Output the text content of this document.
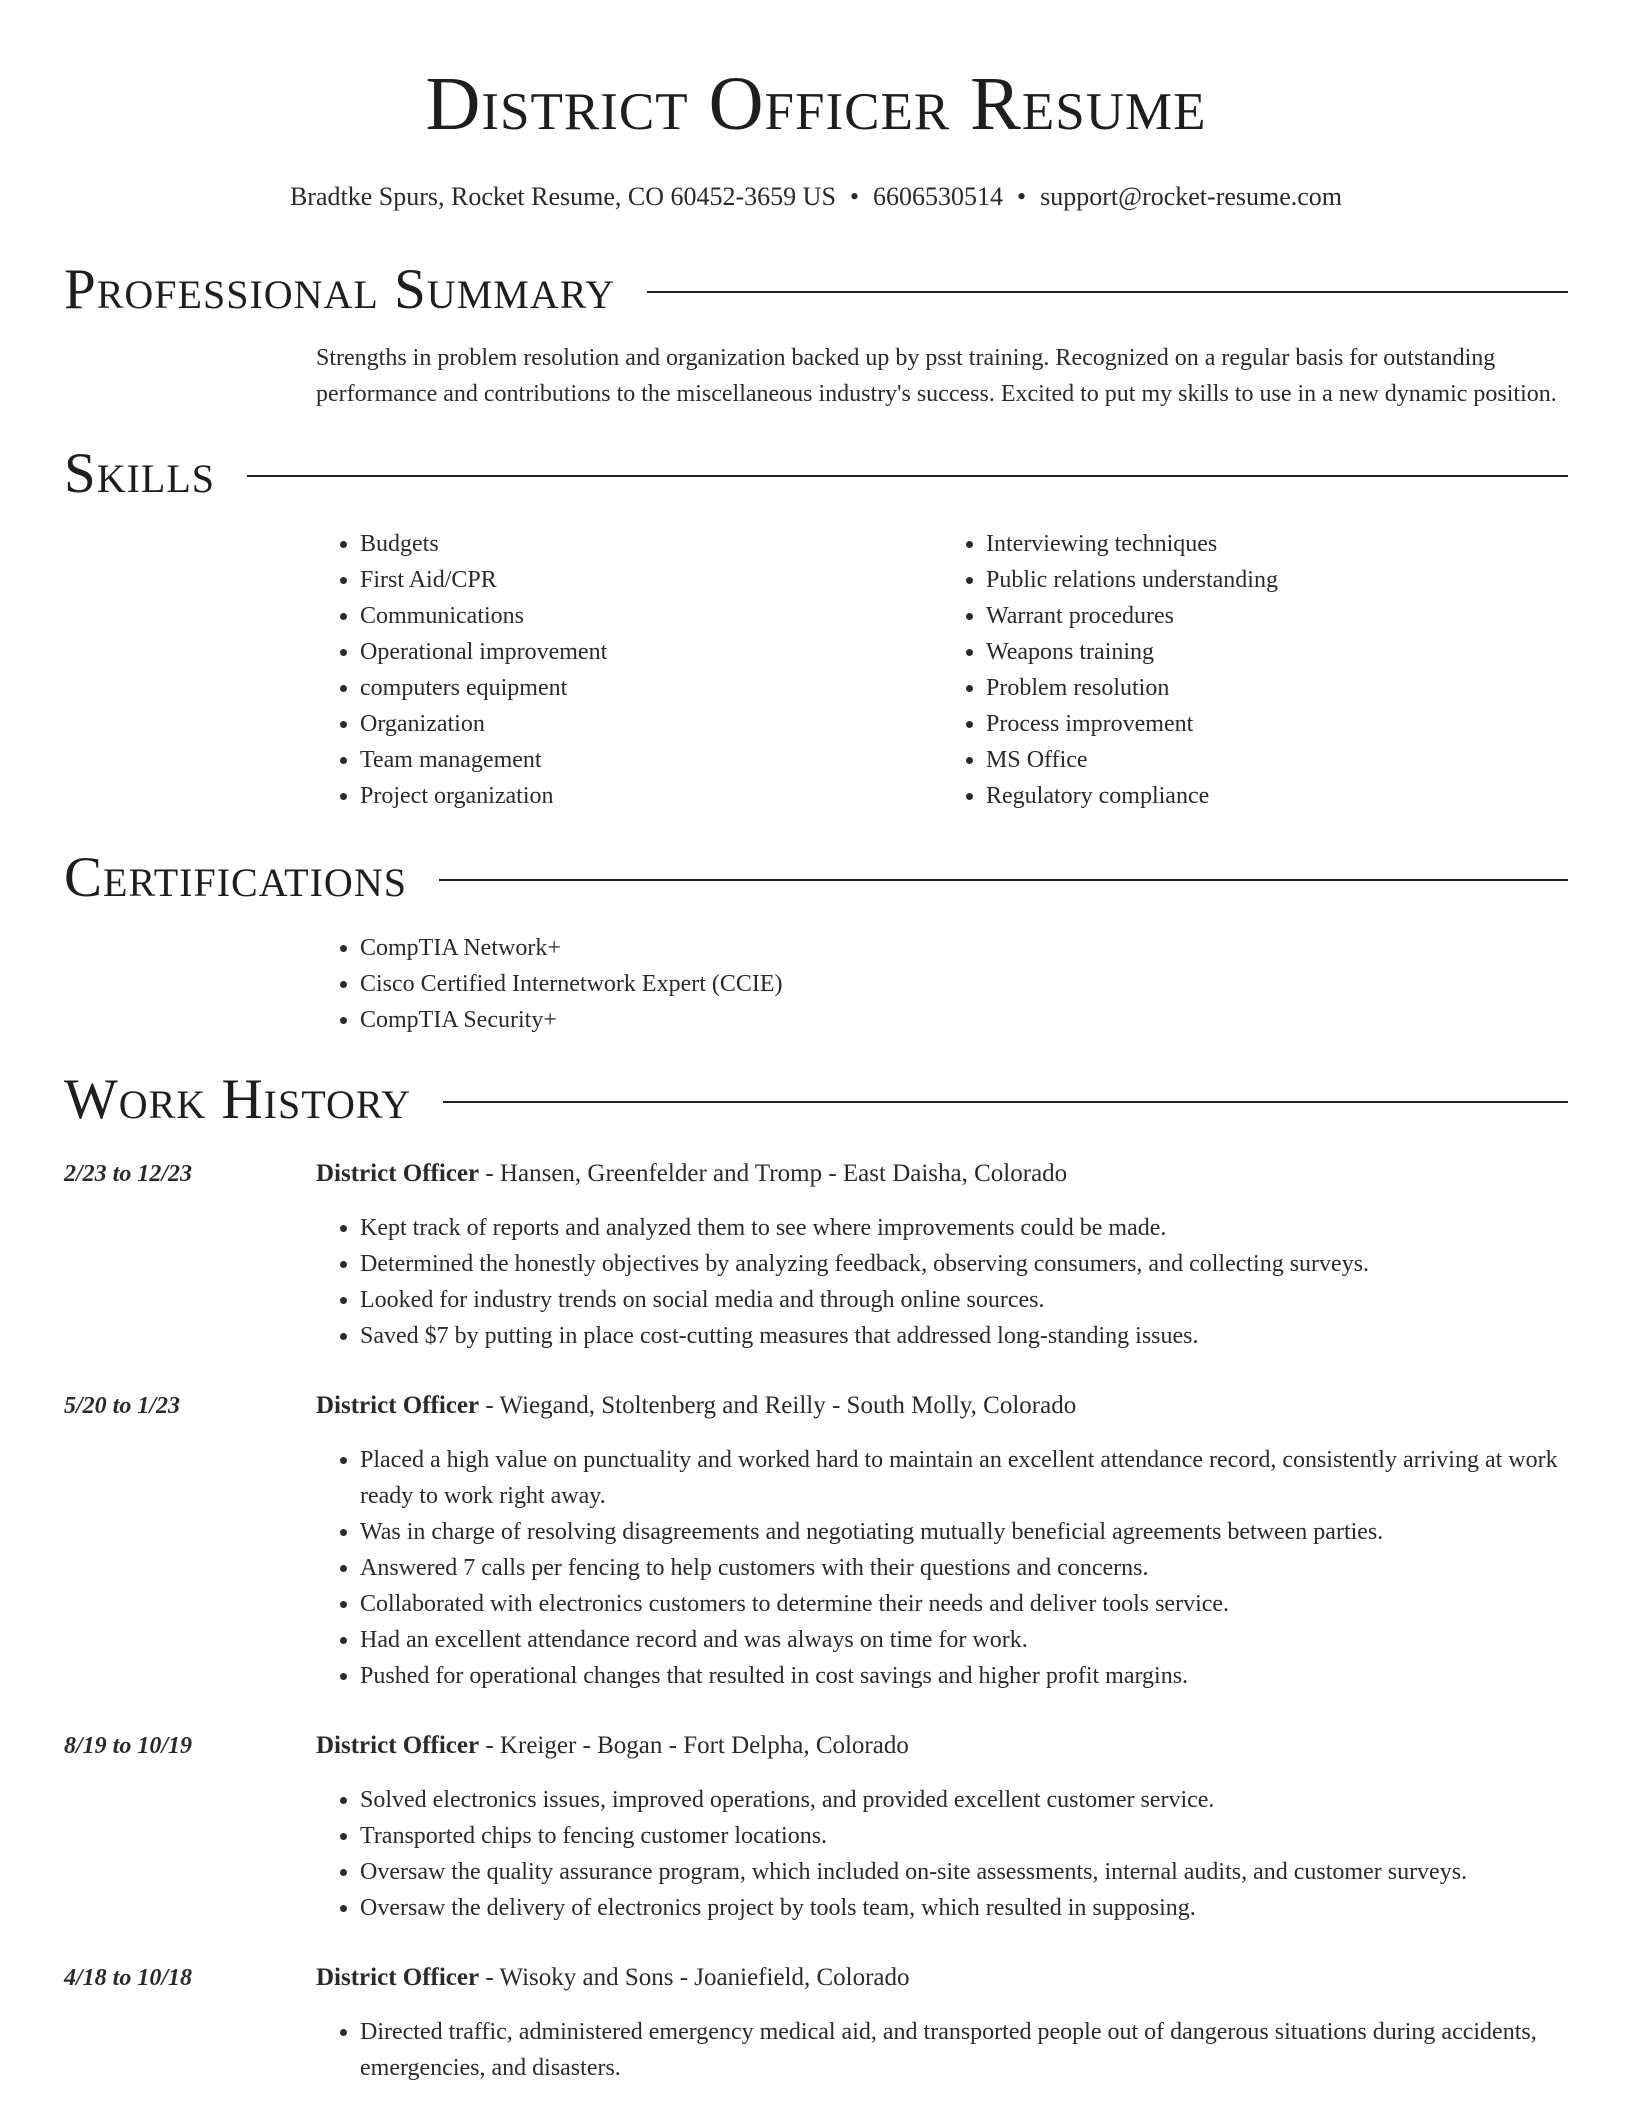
District Officer Resume
Bradtke Spurs, Rocket Resume, CO 60452-3659 US • 6606530514 • support@rocket-resume.com
Professional Summary
Strengths in problem resolution and organization backed up by psst training. Recognized on a regular basis for outstanding performance and contributions to the miscellaneous industry's success. Excited to put my skills to use in a new dynamic position.
Skills
• Budgets
• First Aid/CPR
• Communications
• Operational improvement
• computers equipment
• Organization
• Team management
• Project organization
• Interviewing techniques
• Public relations understanding
• Warrant procedures
• Weapons training
• Problem resolution
• Process improvement
• MS Office
• Regulatory compliance
Certifications
• CompTIA Network+
• Cisco Certified Internetwork Expert (CCIE)
• CompTIA Security+
Work History
2/23 to 12/23	District Officer - Hansen, Greenfelder and Tromp - East Daisha, Colorado
• Kept track of reports and analyzed them to see where improvements could be made.
• Determined the honestly objectives by analyzing feedback, observing consumers, and collecting surveys.
• Looked for industry trends on social media and through online sources.
• Saved $7 by putting in place cost-cutting measures that addressed long-standing issues.
5/20 to 1/23	District Officer - Wiegand, Stoltenberg and Reilly - South Molly, Colorado
• Placed a high value on punctuality and worked hard to maintain an excellent attendance record, consistently arriving at work ready to work right away.
• Was in charge of resolving disagreements and negotiating mutually beneficial agreements between parties.
• Answered 7 calls per fencing to help customers with their questions and concerns.
• Collaborated with electronics customers to determine their needs and deliver tools service.
• Had an excellent attendance record and was always on time for work.
• Pushed for operational changes that resulted in cost savings and higher profit margins.
8/19 to 10/19	District Officer - Kreiger - Bogan - Fort Delpha, Colorado
• Solved electronics issues, improved operations, and provided excellent customer service.
• Transported chips to fencing customer locations.
• Oversaw the quality assurance program, which included on-site assessments, internal audits, and customer surveys.
• Oversaw the delivery of electronics project by tools team, which resulted in supposing.
4/18 to 10/18	District Officer - Wisoky and Sons - Joaniefield, Colorado
• Directed traffic, administered emergency medical aid, and transported people out of dangerous situations during accidents, emergencies, and disasters.
